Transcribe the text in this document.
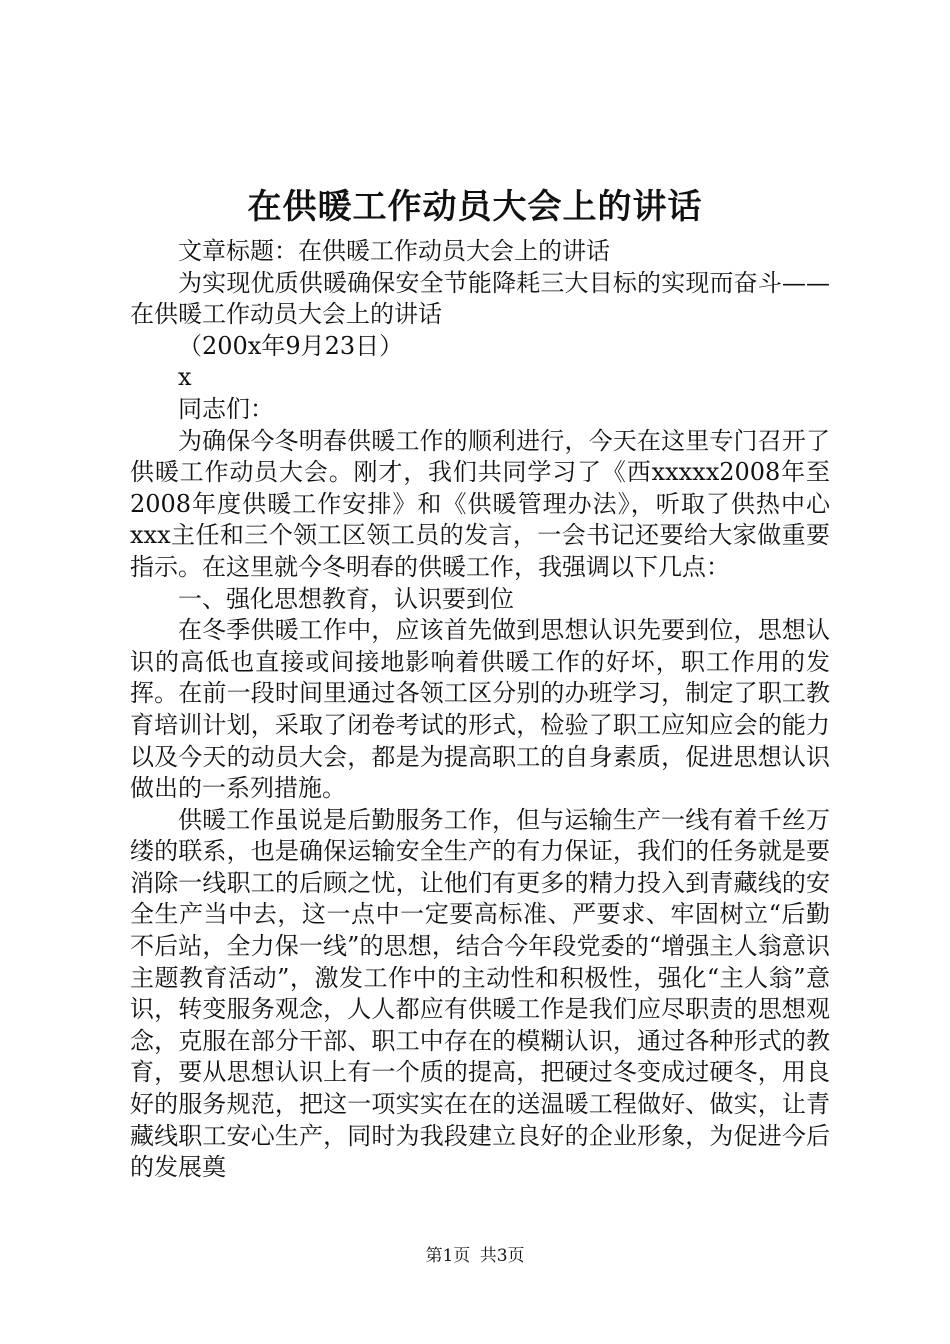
在供暖工作动员大会上的讲话

文章标题：在供暖工作动员大会上的讲话

为实现优质供暖确保安全节能降耗三大目标的实现而奋斗——在供暖工作动员大会上的讲话

（200x年9月23日）

x

同志们：

为确保今冬明春供暖工作的顺利进行，今天在这里专门召开了供暖工作动员大会。刚才，我们共同学习了《西xxxxx2008年至2008年度供暖工作安排》和《供暖管理办法》，听取了供热中心xxx主任和三个领工区领工员的发言，一会书记还要给大家做重要指示。在这里就今冬明春的供暖工作，我强调以下几点：

一、强化思想教育，认识要到位

在冬季供暖工作中，应该首先做到思想认识先要到位，思想认识的高低也直接或间接地影响着供暖工作的好坏，职工作用的发挥。在前一段时间里通过各领工区分别的办班学习，制定了职工教育培训计划，采取了闭卷考试的形式，检验了职工应知应会的能力以及今天的动员大会，都是为提高职工的自身素质，促进思想认识做出的一系列措施。

供暖工作虽说是后勤服务工作，但与运输生产一线有着千丝万缕的联系，也是确保运输安全生产的有力保证，我们的任务就是要消除一线职工的后顾之忧，让他们有更多的精力投入到青藏线的安全生产当中去，这一点中一定要高标准、严要求、牢固树立“后勤不后站，全力保一线”的思想，结合今年段党委的“增强主人翁意识主题教育活动”，激发工作中的主动性和积极性，强化“主人翁”意识，转变服务观念，人人都应有供暖工作是我们应尽职责的思想观念，克服在部分干部、职工中存在的模糊认识，通过各种形式的教育，要从思想认识上有一个质的提高，把硬过冬变成过硬冬，用良好的服务规范，把这一项实实在在的送温暖工程做好、做实，让青藏线职工安心生产，同时为我段建立良好的企业形象，为促进今后的发展奠

第1页 共3页
